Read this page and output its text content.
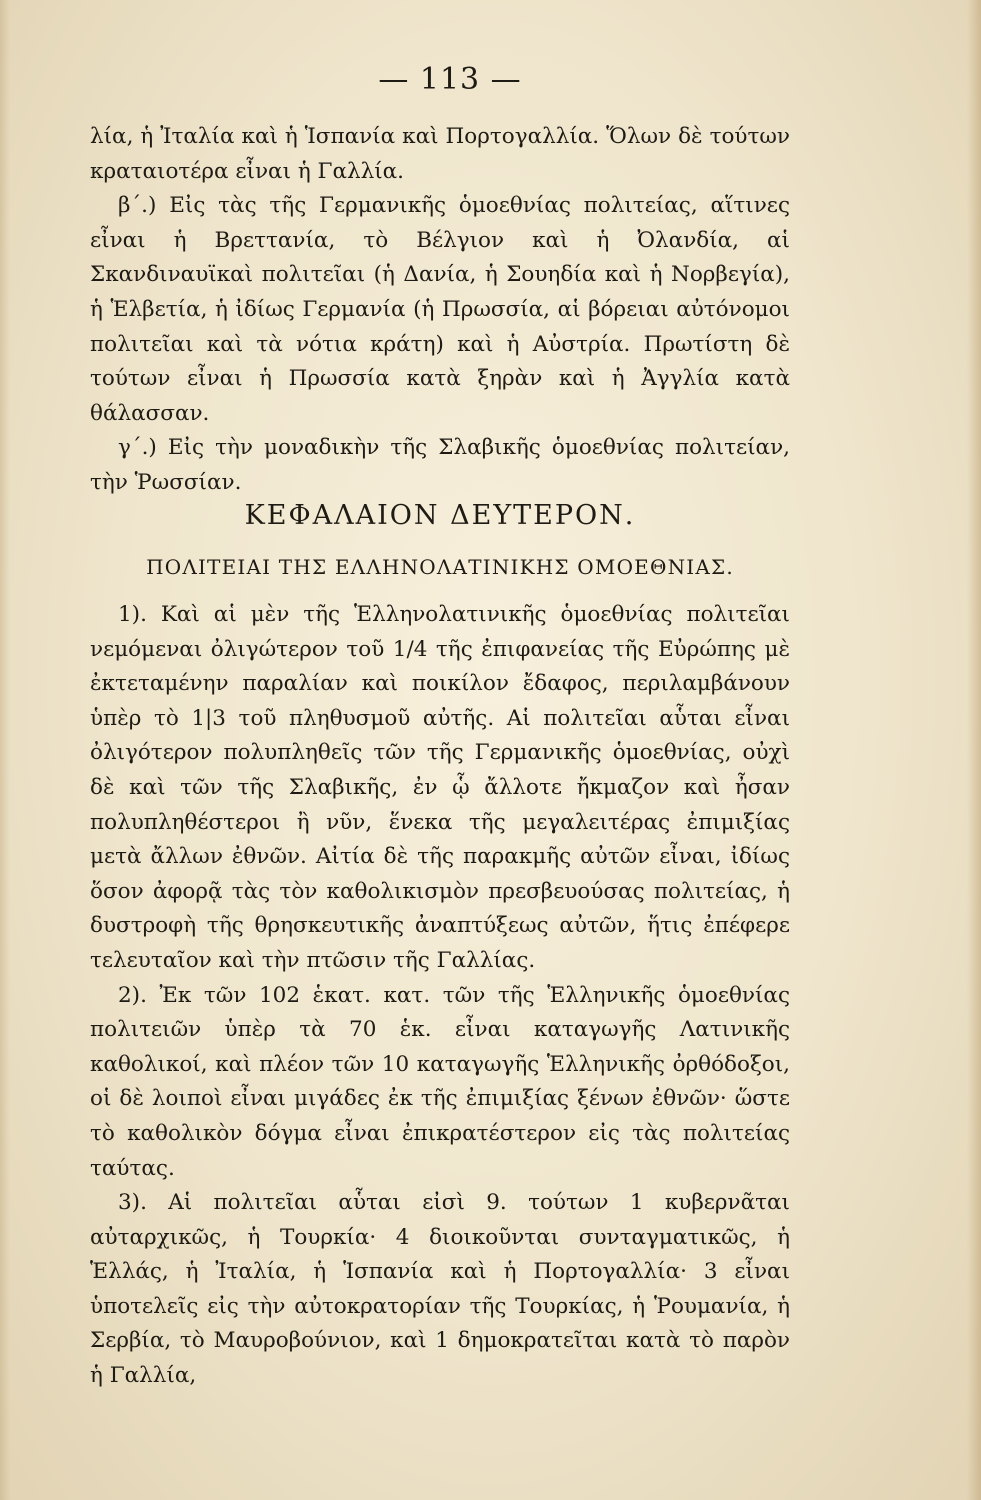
— 113 —
λία, ἡ Ἰταλία καὶ ἡ Ἱσπανία καὶ Πορτογαλλία. Ὅλων δὲ τούτων κραταιοτέρα εἶναι ἡ Γαλλία.
β΄.) Εἰς τὰς τῆς Γερμανικῆς ὁμοεθνίας πολιτείας, αἵτινες εἶναι ἡ Βρεττανία, τὸ Βέλγιον καὶ ἡ Ὀλανδία, αἱ Σκανδιναυϊκαὶ πολιτεῖαι (ἡ Δανία, ἡ Σουηδία καὶ ἡ Νορβεγία), ἡ Ἑλβετία, ἡ ἰδίως Γερμανία (ἡ Πρωσσία, αἱ βόρειαι αὐτόνομοι πολιτεῖαι καὶ τὰ νότια κράτη) καὶ ἡ Αὐστρία. Πρωτίστη δὲ τούτων εἶναι ἡ Πρωσσία κατὰ ξηρὰν καὶ ἡ Ἀγγλία κατὰ θάλασσαν.
γ΄.) Εἰς τὴν μοναδικὴν τῆς Σλαβικῆς ὁμοεθνίας πολιτείαν, τὴν Ῥωσσίαν.
ΚΕΦΑΛΑΙΟΝ ΔΕΥΤΕΡΟΝ.
ΠΟΛΙΤΕΙΑΙ ΤΗΣ ΕΛΛΗΝΟΛΑΤΙΝΙΚΗΣ ΟΜΟΕΘΝΙΑΣ.
1). Καὶ αἱ μὲν τῆς Ἑλληνολατινικῆς ὁμοεθνίας πολιτεῖαι νεμόμεναι ὀλιγώτερον τοῦ 1/4 τῆς ἐπιφανείας τῆς Εὐρώπης μὲ ἐκτεταμένην παραλίαν καὶ ποικίλον ἔδαφος, περιλαμβάνουν ὑπὲρ τὸ 1|3 τοῦ πληθυσμοῦ αὐτῆς. Αἱ πολιτεῖαι αὗται εἶναι ὀλιγότερον πολυπληθεῖς τῶν τῆς Γερμανικῆς ὁμοεθνίας, οὐχὶ δὲ καὶ τῶν τῆς Σλαβικῆς, ἐν ᾧ ἄλλοτε ἤκμαζον καὶ ἦσαν πολυπληθέστεροι ἢ νῦν, ἕνεκα τῆς μεγαλειτέρας ἐπιμιξίας μετὰ ἄλλων ἐθνῶν. Αἰτία δὲ τῆς παρακμῆς αὐτῶν εἶναι, ἰδίως ὅσον ἀφορᾷ τὰς τὸν καθολικισμὸν πρεσβευούσας πολιτείας, ἡ δυστροφὴ τῆς θρησκευτικῆς ἀναπτύξεως αὐτῶν, ἥτις ἐπέφερε τελευταῖον καὶ τὴν πτῶσιν τῆς Γαλλίας.
2). Ἐκ τῶν 102 ἑκατ. κατ. τῶν τῆς Ἑλληνικῆς ὁμοεθνίας πολιτειῶν ὑπὲρ τὰ 70 ἑκ. εἶναι καταγωγῆς Λατινικῆς καθολικοί, καὶ πλέον τῶν 10 καταγωγῆς Ἑλληνικῆς ὀρθόδοξοι, οἱ δὲ λοιποὶ εἶναι μιγάδες ἐκ τῆς ἐπιμιξίας ξένων ἐθνῶν· ὥστε τὸ καθολικὸν δόγμα εἶναι ἐπικρατέστερον εἰς τὰς πολιτείας ταύτας.
3). Αἱ πολιτεῖαι αὗται εἰσὶ 9. τούτων 1 κυβερνᾶται αὐταρχικῶς, ἡ Τουρκία· 4 διοικοῦνται συνταγματικῶς, ἡ Ἑλλάς, ἡ Ἰταλία, ἡ Ἱσπανία καὶ ἡ Πορτογαλλία· 3 εἶναι ὑποτελεῖς εἰς τὴν αὐτοκρατορίαν τῆς Τουρκίας, ἡ Ῥουμανία, ἡ Σερβία, τὸ Μαυροβούνιον, καὶ 1 δημοκρατεῖται κατὰ τὸ παρὸν ἡ Γαλλία,
